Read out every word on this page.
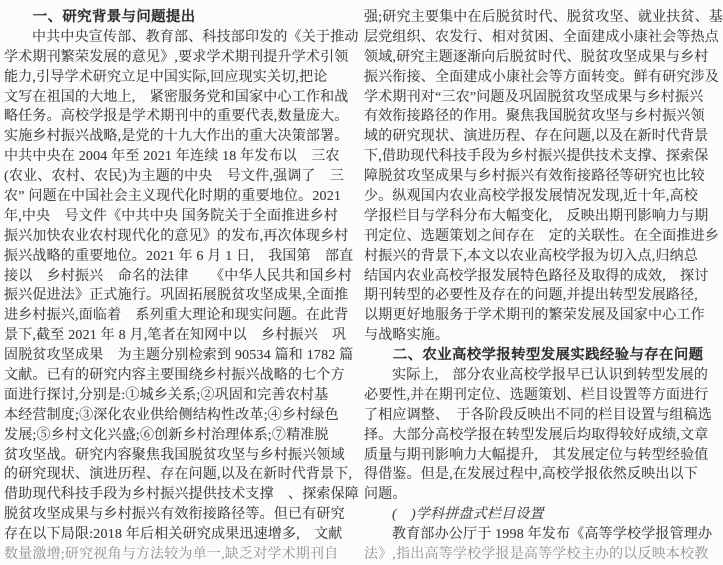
一、研究背景与问题提出
中共中央宣传部、教育部、科技部印发的《关于推动
学术期刊繁荣发展的意见》,要求学术期刊提升学术引领
能力,引导学术研究立足中国实际,回应现实关切,把论
文写在祖国的大地上,　紧密服务党和国家中心工作和战
略任务。高校学报是学术期刊中的重要代表,数量庞大。
实施乡村振兴战略,是党的十九大作出的重大决策部署。
中共中央在 2004 年至 2021 年连续 18 年发布以　三农
(农业、农村、农民)为主题的中央　号文件,强调了　三
农” 问题在中国社会主义现代化时期的重要地位。2021
年,中央　号文件《中共中央 国务院关于全面推进乡村
振兴加快农业农村现代化的意见》的发布,再次体现乡村
振兴战略的重要地位。2021 年 6 月 1 日,　我国第　部直
接以　乡村振兴　命名的法律　　《中华人民共和国乡村
振兴促进法》正式施行。巩固拓展脱贫攻坚成果,全面推
进乡村振兴,面临着　系列重大理论和现实问题。在此背
景下,截至 2021 年 8 月,笔者在知网中以　乡村振兴　巩
固脱贫攻坚成果　为主题分别检索到 90534 篇和 1782 篇
文献。已有的研究内容主要围绕乡村振兴战略的七个方
面进行探讨,分别是:①城乡关系;②巩固和完善农村基
本经营制度;③深化农业供给侧结构性改革;④乡村绿色
发展;⑤乡村文化兴盛;⑥创新乡村治理体系;⑦精准脱
贫攻坚战。研究内容聚焦我国脱贫攻坚与乡村振兴领域
的研究现状、演进历程、存在问题,以及在新时代背景下,
借助现代科技手段为乡村振兴提供技术支撑　、探索保障
脱贫攻坚成果与乡村振兴有效衔接路径等。但已有研究
存在以下局限:2018 年后相关研究成果迅速增多,　文献
数量激增;研究视角与方法较为单一,缺乏对学术期刊自
强;研究主要集中在后脱贫时代、脱贫攻坚、就业扶贫、基
层党组织、农发行、相对贫困、全面建成小康社会等热点
领域,研究主题逐渐向后脱贫时代、脱贫攻坚成果与乡村
振兴衔接、全面建成小康社会等方面转变。鲜有研究涉及
学术期刊对“三农”问题及巩固脱贫攻坚成果与乡村振兴
有效衔接路径的作用。聚焦我国脱贫攻坚与乡村振兴领
域的研究现状、演进历程、存在问题,以及在新时代背景
下,借助现代科技手段为乡村振兴提供技术支撑、探索保
障脱贫攻坚成果与乡村振兴有效衔接路径等研究也比较
少。纵观国内农业高校学报发展情况发现,近十年,高校
学报栏目与学科分布大幅变化,　反映出期刊影响力与期
刊定位、选题策划之间存在　定的关联性。在全面推进乡
村振兴的背景下,本文以农业高校学报为切入点,归纳总
结国内农业高校学报发展特色路径及取得的成效,　探讨
期刊转型的必要性及存在的问题,并提出转型发展路径,
以期更好地服务于学术期刊的繁荣发展及国家中心工作
与战略实施。
二、农业高校学报转型发展实践经验与存在问题
实际上,　部分农业高校学报早已认识到转型发展的
必要性,并在期刊定位、选题策划、栏目设置等方面进行
了相应调整、　于各阶段反映出不同的栏目设置与组稿选
择。大部分高校学报在转型发展后均取得较好成绩,文章
质量与期刊影响力大幅提升,　其发展定位与转型经验值
得借鉴。但是,在发展过程中,高校学报依然反映出以下
问题。
(　)学科拼盘式栏目设置
教育部办公厅于 1998 年发布《高等学校学报管理办
法》,指出高等学校学报是高等学校主办的以反映本校教
